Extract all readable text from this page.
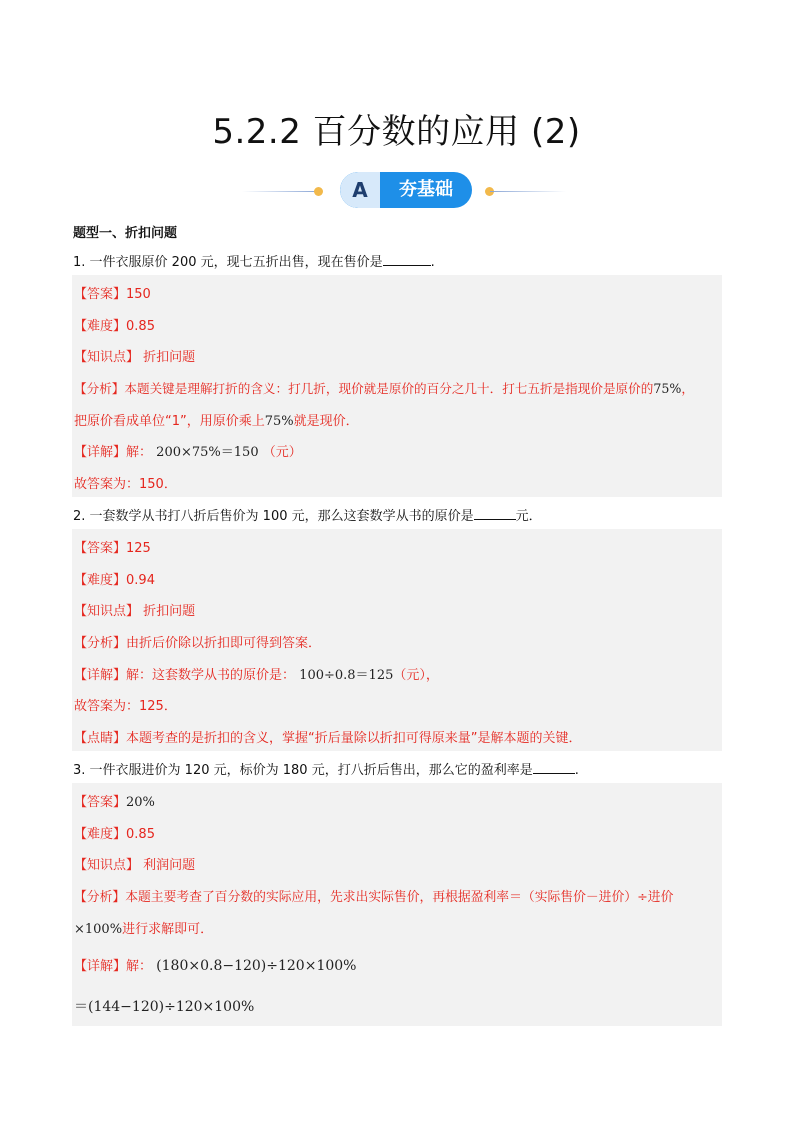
5.2.2 百分数的应用 (2)
A	夯基础
题型一、折扣问题
1. 一件衣服原价 200 元，现七五折出售，现在售价是	.
【答案】150
【难度】0.85
【知识点】 折扣问题
【分析】本题关键是理解打折的含义：打几折，现价就是原价的百分之几十．打七五折是指现价是原价的75%，
把原价看成单位“1”，用原价乘上75%就是现价．
【详解】解： 200×75%＝150 （元）
故答案为：150．
2. 一套数学从书打八折后售价为 100 元，那么这套数学从书的原价是	元．
【答案】125
【难度】0.94
【知识点】 折扣问题
【分析】由折后价除以折扣即可得到答案．
【详解】解：这套数学从书的原价是： 100÷0.8＝125（元），
故答案为：125．
【点睛】本题考查的是折扣的含义，掌握“折后量除以折扣可得原来量”是解本题的关键．
3. 一件衣服进价为 120 元，标价为 180 元，打八折后售出，那么它的盈利率是	.
【答案】20%
【难度】0.85
【知识点】 利润问题
【分析】本题主要考查了百分数的实际应用，先求出实际售价，再根据盈利率＝（实际售价－进价）÷进价
×100%进行求解即可．
【详解】解： (180×0.8−120)÷120×100%
＝(144−120)÷120×100%
